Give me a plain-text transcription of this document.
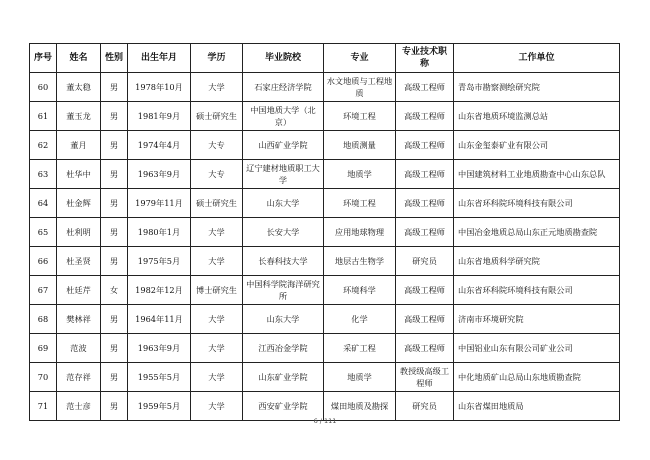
序号	姓名	性别	出生年月	学历	毕业院校	专业	专业技术职称	工作单位
60	董太稳	男	1978年10月	大学	石家庄经济学院	水文地质与工程地质	高级工程师	青岛市勘察测绘研究院
61	董玉龙	男	1981年9月	硕士研究生	中国地质大学（北京）	环境工程	高级工程师	山东省地质环境监测总站
62	董月	男	1974年4月	大专	山西矿业学院	地质测量	高级工程师	山东金玺泰矿业有限公司
63	杜华中	男	1963年9月	大专	辽宁建材地质职工大学	地质学	高级工程师	中国建筑材料工业地质勘查中心山东总队
64	杜金辉	男	1979年11月	硕士研究生	山东大学	环境工程	高级工程师	山东省环科院环境科技有限公司
65	杜利明	男	1980年1月	大学	长安大学	应用地球物理	高级工程师	中国冶金地质总局山东正元地质勘查院
66	杜圣贤	男	1975年5月	大学	长春科技大学	地层古生物学	研究员	山东省地质科学研究院
67	杜廷芹	女	1982年12月	博士研究生	中国科学院海洋研究所	环境科学	高级工程师	山东省环科院环境科技有限公司
68	樊林祥	男	1964年11月	大学	山东大学	化学	高级工程师	济南市环境研究院
69	范波	男	1963年9月	大学	江西冶金学院	采矿工程	高级工程师	中国铝业山东有限公司矿业公司
70	范存祥	男	1955年5月	大学	山东矿业学院	地质学	教授级高级工程师	中化地质矿山总局山东地质勘查院
71	范士彦	男	1959年5月	大学	西安矿业学院	煤田地质及勘探	研究员	山东省煤田地质局
6 / 111
